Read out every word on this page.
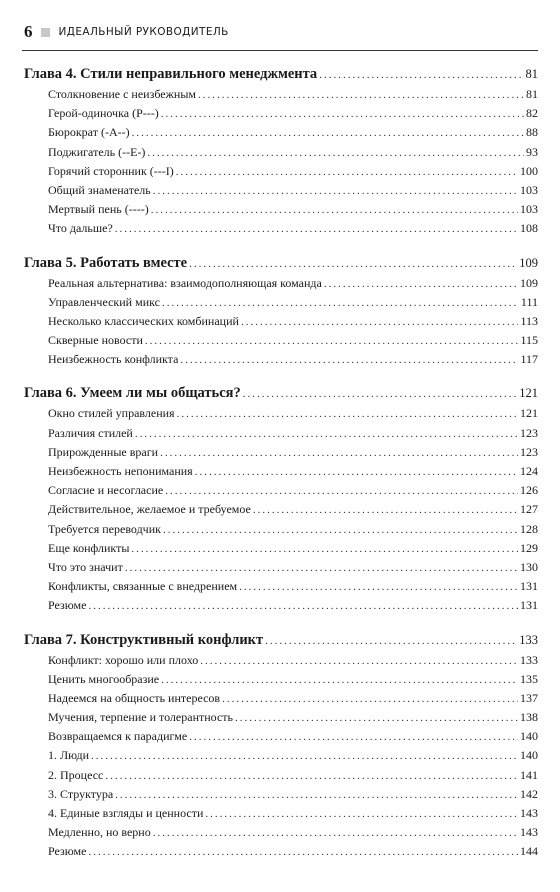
6 ИДЕАЛЬНЫЙ РУКОВОДИТЕЛЬ
Глава 4. Стили неправильного менеджмента .....	81
Столкновение с неизбежным .....	81
Герой-одиночка (P---) .....	82
Бюрократ (-A--) .....	88
Поджигатель (--E-) .....	93
Горячий сторонник (---I) .....	100
Общий знаменатель .....	103
Мертвый пень (----) .....	103
Что дальше? .....	108
Глава 5. Работать вместе .....	109
Реальная альтернатива: взаимодополняющая команда .....	109
Управленческий микс .....	111
Несколько классических комбинаций .....	113
Скверные новости .....	115
Неизбежность конфликта .....	117
Глава 6. Умеем ли мы общаться? .....	121
Окно стилей управления .....	121
Различия стилей .....	123
Прирожденные враги .....	123
Неизбежность непонимания .....	124
Согласие и несогласие .....	126
Действительное, желаемое и требуемое .....	127
Требуется переводчик .....	128
Еще конфликты .....	129
Что это значит .....	130
Конфликты, связанные с внедрением .....	131
Резюме .....	131
Глава 7. Конструктивный конфликт .....	133
Конфликт: хорошо или плохо .....	133
Ценить многообразие .....	135
Надеемся на общность интересов .....	137
Мучения, терпение и толерантность .....	138
Возвращаемся к парадигме .....	140
1. Люди .....	140
2. Процесс .....	141
3. Структура .....	142
4. Единые взгляды и ценности .....	143
Медленно, но верно .....	143
Резюме .....	144
